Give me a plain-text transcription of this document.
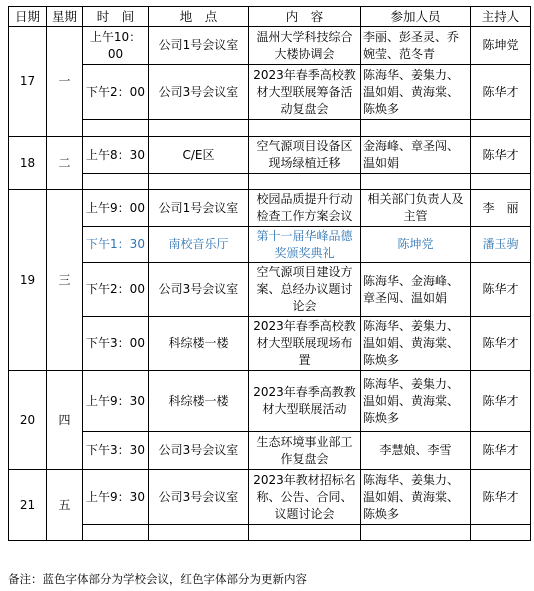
日期	星期	时　间	地　点	内　容	参加人员	主持人
17	一	上午10：00	公司1号会议室	温州大学科技综合大楼协调会	李丽、彭圣灵、乔婉莹、范冬青	陈坤党
		下午2：00	公司3号会议室	2023年春季高校教材大型联展筹备活动复盘会	陈海华、姜集力、温如娟、黄海棠、陈焕多	陈华才

18	二	上午8：30	C/E区	空气源项目设备区现场绿植迁移	金海峰、章圣闯、温如娟	陈华才

19	三	上午9：00	公司1号会议室	校园品质提升行动检查工作方案会议	相关部门负责人及主管	李　丽
		下午1：30	南校音乐厅	第十一届华峰品德奖颁奖典礼	陈坤党	潘玉驹
		下午2：00	公司3号会议室	空气源项目建设方案、总经办议题讨论会	陈海华、金海峰、章圣闯、温如娟	陈华才
		下午3：00	科综楼一楼	2023年春季高校教材大型联展现场布置	陈海华、姜集力、温如娟、黄海棠、陈焕多	陈华才
20	四	上午9：30	科综楼一楼	2023年春季高教教材大型联展活动	陈海华、姜集力、温如娟、黄海棠、陈焕多	陈华才
		下午3：30	公司3号会议室	生态环境事业部工作复盘会	李慧娘、李雪	陈华才
21	五	上午9：30	公司3号会议室	2023年教材招标名称、公告、合同、议题讨论会	陈海华、姜集力、温如娟、黄海棠、陈焕多	陈华才

备注：蓝色字体部分为学校会议，红色字体部分为更新内容
